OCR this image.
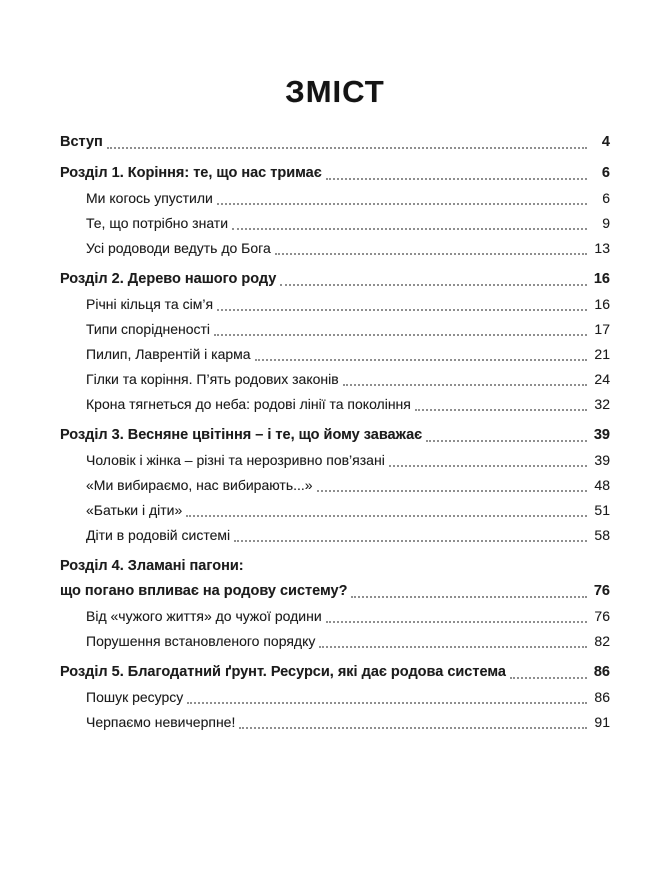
ЗМІСТ
Вступ	4
Розділ 1. Коріння: те, що нас тримає	6
Ми когось упустили	6
Те, що потрібно знати	9
Усі родоводи ведуть до Бога	13
Розділ 2. Дерево нашого роду	16
Річні кільця та сім’я	16
Типи спорідненості	17
Пилип, Лаврентій і карма	21
Гілки та коріння. П’ять родових законів	24
Крона тягнеться до неба: родові лінії та покоління	32
Розділ 3. Весняне цвітіння – і те, що йому заважає	39
Чоловік і жінка – різні та нерозривно пов’язані	39
«Ми вибираємо, нас вибирають...»	48
«Батьки і діти»	51
Діти в родовій системі	58
Розділ 4. Зламані пагони:
що погано впливає на родову систему?	76
Від «чужого життя» до чужої родини	76
Порушення встановленого порядку	82
Розділ 5. Благодатний ґрунт. Ресурси, які дає родова система	86
Пошук ресурсу	86
Черпаємо невичерпне!	91
